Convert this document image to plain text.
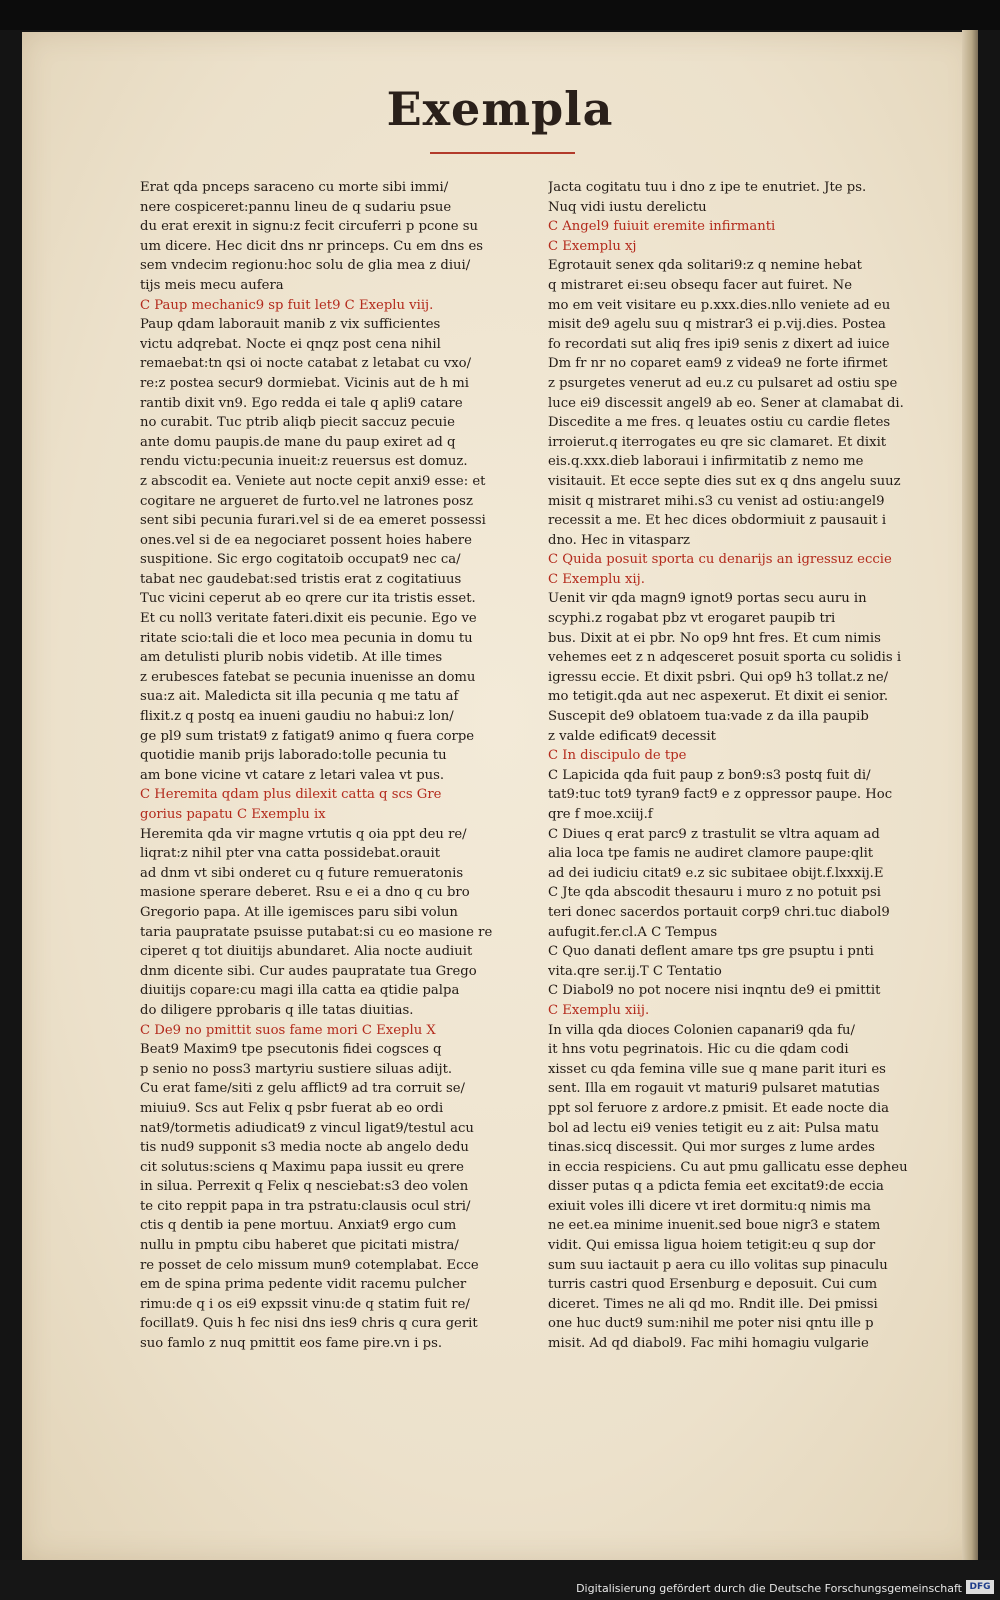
Exempla
Erat qda pnceps saraceno cu morte sibi immi/
nere cospiceret:pannu lineu de q sudariu psue
du erat erexit in signu:z fecit circuferri p pcone su
um dicere. Hec dicit dns nr princeps. Cu em dns es
sem vndecim regionu:hoc solu de glia mea z diui/
tijs meis mecu aufera
C Paup mechanic9 sp fuit let9 C Exeplu viij.
Paup qdam laborauit manib z vix sufficientes
victu adqrebat. Nocte ei qnqz post cena nihil
remaebat:tn qsi oi nocte catabat z letabat cu vxo/
re:z postea secur9 dormiebat. Vicinis aut de h mi
rantib dixit vn9. Ego redda ei tale q apli9 catare
no curabit. Tuc ptrib aliqb piecit saccuz pecuie
ante domu paupis.de mane du paup exiret ad q
rendu victu:pecunia inueit:z reuersus est domuz.
z abscodit ea. Veniete aut nocte cepit anxi9 esse: et
cogitare ne argueret de furto.vel ne latrones posz
sent sibi pecunia furari.vel si de ea emeret possessi
ones.vel si de ea negociaret possent hoies habere
suspitione. Sic ergo cogitatoib occupat9 nec ca/
tabat nec gaudebat:sed tristis erat z cogitatiuus
Tuc vicini ceperut ab eo qrere cur ita tristis esset.
Et cu noll3 veritate fateri.dixit eis pecunie. Ego ve
ritate scio:tali die et loco mea pecunia in domu tu
am detulisti plurib nobis videtib. At ille times
z erubesces fatebat se pecunia inuenisse an domu
sua:z ait. Maledicta sit illa pecunia q me tatu af
flixit.z q postq ea inueni gaudiu no habui:z lon/
ge pl9 sum tristat9 z fatigat9 animo q fuera corpe
quotidie manib prijs laborado:tolle pecunia tu
am bone vicine vt catare z letari valea vt pus.
C Heremita qdam plus dilexit catta q scs Gre
gorius papatu C Exemplu ix
Heremita qda vir magne vrtutis q oia ppt deu re/
liqrat:z nihil pter vna catta possidebat.orauit
ad dnm vt sibi onderet cu q future remueratonis
masione sperare deberet. Rsu e ei a dno q cu bro
Gregorio papa. At ille igemisces paru sibi volun
taria paupratate psuisse putabat:si cu eo masione re
ciperet q tot diuitijs abundaret. Alia nocte audiuit
dnm dicente sibi. Cur audes paupratate tua Grego
diuitijs copare:cu magi illa catta ea qtidie palpa
do diligere pprobaris q ille tatas diuitias.
C De9 no pmittit suos fame mori C Exeplu X
Beat9 Maxim9 tpe psecutonis fidei cogsces q
p senio no poss3 martyriu sustiere siluas adijt.
Cu erat fame/siti z gelu afflict9 ad tra corruit se/
miuiu9. Scs aut Felix q psbr fuerat ab eo ordi
nat9/tormetis adiudicat9 z vincul ligat9/testul acu
tis nud9 supponit s3 media nocte ab angelo dedu
cit solutus:sciens q Maximu papa iussit eu qrere
in silua. Perrexit q Felix q nesciebat:s3 deo volen
te cito reppit papa in tra pstratu:clausis ocul stri/
ctis q dentib ia pene mortuu. Anxiat9 ergo cum
nullu in pmptu cibu haberet que picitati mistra/
re posset de celo missum mun9 cotemplabat. Ecce
em de spina prima pedente vidit racemu pulcher
rimu:de q i os ei9 expssit vinu:de q statim fuit re/
focillat9. Quis h fec nisi dns ies9 chris q cura gerit
suo famlo z nuq pmittit eos fame pire.vn i ps.
Jacta cogitatu tuu i dno z ipe te enutriet. Jte ps.
Nuq vidi iustu derelictu
C Angel9 fuiuit eremite infirmanti
C Exemplu xj
Egrotauit senex qda solitari9:z q nemine hebat
q mistraret ei:seu obsequ facer aut fuiret. Ne
mo em veit visitare eu p.xxx.dies.nllo veniete ad eu
misit de9 agelu suu q mistrar3 ei p.vij.dies. Postea
fo recordati sut aliq fres ipi9 senis z dixert ad iuice
Dm fr nr no coparet eam9 z videa9 ne forte ifirmet
z psurgetes venerut ad eu.z cu pulsaret ad ostiu spe
luce ei9 discessit angel9 ab eo. Sener at clamabat di.
Discedite a me fres. q leuates ostiu cu cardie fletes
irroierut.q iterrogates eu qre sic clamaret. Et dixit
eis.q.xxx.dieb laboraui i infirmitatib z nemo me
visitauit. Et ecce septe dies sut ex q dns angelu suuz
misit q mistraret mihi.s3 cu venist ad ostiu:angel9
recessit a me. Et hec dices obdormiuit z pausauit i
dno. Hec in vitasparz
C Quida posuit sporta cu denarijs an igressuz eccie
C Exemplu xij.
Uenit vir qda magn9 ignot9 portas secu auru in
scyphi.z rogabat pbz vt erogaret paupib tri
bus. Dixit at ei pbr. No op9 hnt fres. Et cum nimis
vehemes eet z n adqesceret posuit sporta cu solidis i
igressu eccie. Et dixit psbri. Qui op9 h3 tollat.z ne/
mo tetigit.qda aut nec aspexerut. Et dixit ei senior.
Suscepit de9 oblatoem tua:vade z da illa paupib
z valde edificat9 decessit
C In discipulo de tpe
C Lapicida qda fuit paup z bon9:s3 postq fuit di/
tat9:tuc tot9 tyran9 fact9 e z oppressor paupe. Hoc
qre f moe.xciij.f
C Diues q erat parc9 z trastulit se vltra aquam ad
alia loca tpe famis ne audiret clamore paupe:qlit
ad dei iudiciu citat9 e.z sic subitaee obijt.f.lxxxij.E
C Jte qda abscodit thesauru i muro z no potuit psi
teri donec sacerdos portauit corp9 chri.tuc diabol9
aufugit.fer.cl.A C Tempus
C Quo danati deflent amare tps gre psuptu i pnti
vita.qre ser.ij.T C Tentatio
C Diabol9 no pot nocere nisi inqntu de9 ei pmittit
C Exemplu xiij.
In villa qda dioces Colonien capanari9 qda fu/
it hns votu pegrinatois. Hic cu die qdam codi
xisset cu qda femina ville sue q mane parit ituri es
sent. Illa em rogauit vt maturi9 pulsaret matutias
ppt sol feruore z ardore.z pmisit. Et eade nocte dia
bol ad lectu ei9 venies tetigit eu z ait: Pulsa matu
tinas.sicq discessit. Qui mor surges z lume ardes
in eccia respiciens. Cu aut pmu gallicatu esse depheu
disser putas q a pdicta femia eet excitat9:de eccia
exiuit voles illi dicere vt iret dormitu:q nimis ma
ne eet.ea minime inuenit.sed boue nigr3 e statem
vidit. Qui emissa ligua hoiem tetigit:eu q sup dor
sum suu iactauit p aera cu illo volitas sup pinaculu
turris castri quod Ersenburg e deposuit. Cui cum
diceret. Times ne ali qd mo. Rndit ille. Dei pmissi
one huc duct9 sum:nihil me poter nisi qntu ille p
misit. Ad qd diabol9. Fac mihi homagiu vulgarie
Digitalisierung gefördert durch die Deutsche Forschungsgemeinschaft DFG
